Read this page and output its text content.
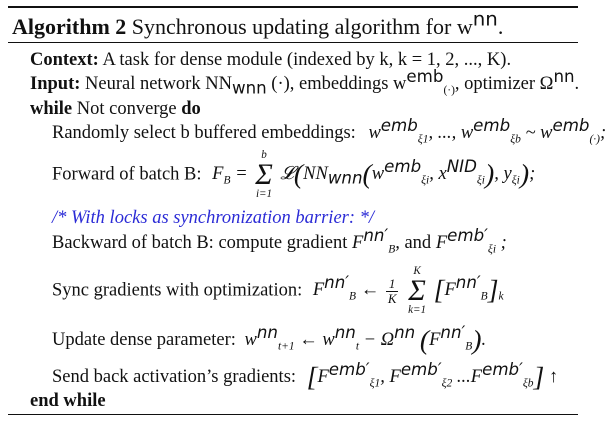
Algorithm 2 Synchronous updating algorithm for $w^{nn}$.
Context: A task for dense module (indexed by k, k = 1, 2, ..., K).
Input: Neural network $NN_{wnn}$ (·), embeddings $w^{emb}_{(\cdot)}$, optimizer $\Omega^{nn}$.
while Not converge do
Randomly select b buffered embeddings: $w^{emb}_{\xi 1}$, ..., $w^{emb}_{\xi b}$ ~ $w^{emb}_{(\cdot)}$;
Forward of batch B: $F_B$ =
b
Σ
i=1
$𝓛(NN_{wnn}(w^{emb}_{\xi i}$, $x^{NID}_{\xi i}$), $y_{\xi i}$);
/* With locks as synchronization barrier: */
Backward of batch B: compute gradient $F^{nn'}_B$, and $F^{emb'}_{\xi i}$ ;
Sync gradients with optimization: $F^{nn'}_B$ ← $\frac{1}{K}$

K
Σ
k=1
$[F^{nn'}_B]_k$
Update dense parameter: $w^{nn}_{t+1}$ ← $w^{nn}_t - \Omega^{nn}$ $(F^{nn'}_B)$.
Send back activation’s gradients: [$F^{emb'}_{\xi 1}$, $F^{emb'}_{\xi 2}$ $...F^{emb'}_{\xi b}$] ↑
end while
